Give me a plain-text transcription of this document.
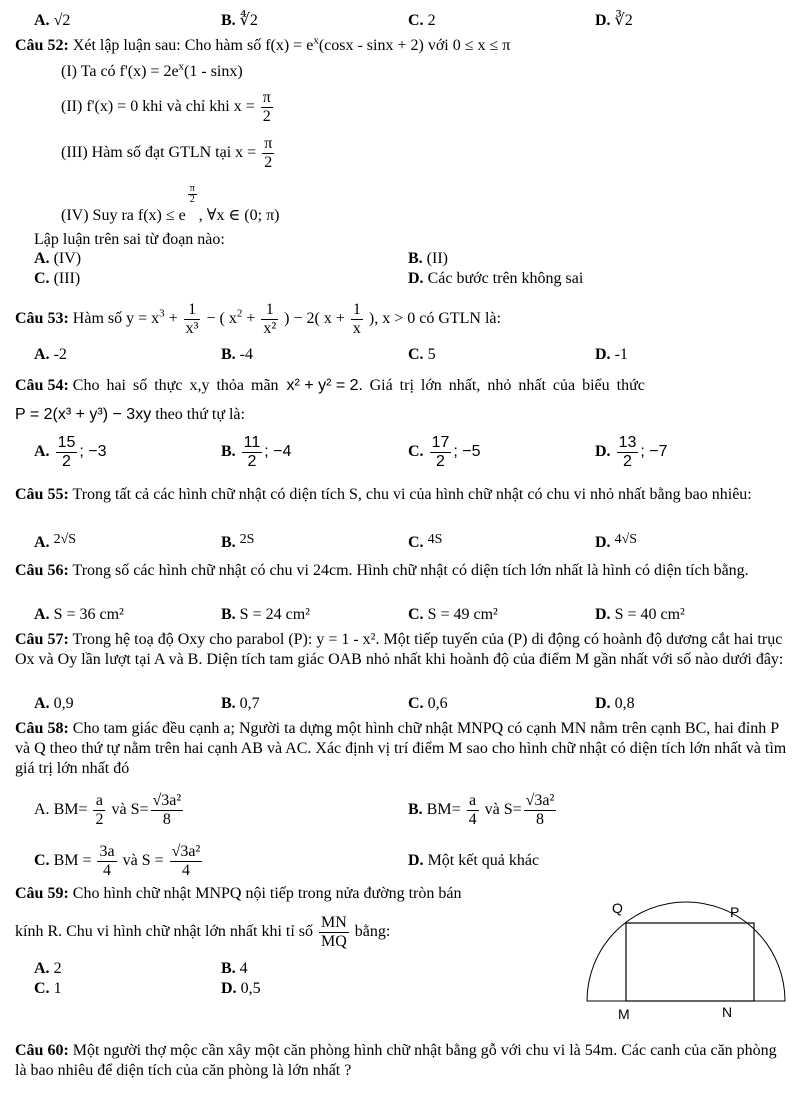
A. √2	B. ∜2	C. 2	D. ∛2
Câu 52: Xét lập luận sau: Cho hàm số $f(x) = e^x(\cos x - \sin x + 2)$ với 0 ≤ x ≤ π
(I) Ta có $f'(x) = 2e^x(1 - \sin x)$
(II) f'(x) = 0 khi và chỉ khi $x = \frac{\pi}{2}$
(III) Hàm số đạt GTLN tại $x = \frac{\pi}{2}$
(IV) Suy ra f(x) ≤ e
$\frac{\pi}{2}$
, ∀x ∈ (0; π)
Lập luận trên sai từ đoạn nào:
A. (IV)	B. (II)
C. (III)	D. Các bước trên không sai
Câu 53: Hàm số $y = x^3 + \frac{1}{\text{x³}}$ − ( $x^2 + \frac{1}{\text{x²}}$ ) − 2( $x + \frac{1}{x}$ ), x > 0 có GTLN là:
A. -2	B. -4	C. 5	D. -1
Câu 54: Cho hai số thực x,y thỏa mãn x² + y² = 2. Giá trị lớn nhất, nhỏ nhất của biểu thức
P = 2(x³ + y³) − 3xy theo thứ tự là:
A. $\frac{15}{2}$ ; −3	B. $\frac{11}{2}$ ; −4	C. $\frac{17}{2}$ ; −5	D. $\frac{13}{2}$ ; −7
Câu 55: Trong tất cả các hình chữ nhật có diện tích S, chu vi của hình chữ nhật có chu vi nhỏ nhất bằng bao nhiêu:
A. 2√S	B. 2S	C. 4S	D. 4√S
Câu 56: Trong số các hình chữ nhật có chu vi 24cm. Hình chữ nhật có diện tích lớn nhất là hình có diện tích bằng.
A. S = 36 cm²	B. S = 24 cm²	C. S = 49 cm²	D. S = 40 cm²
Câu 57: Trong hệ toạ độ Oxy cho parabol (P): y = 1 - x². Một tiếp tuyến của (P) di động có hoành độ dương cắt hai trục Ox và Oy lần lượt tại A và B. Diện tích tam giác OAB nhỏ nhất khi hoành độ của điểm M gần nhất với số nào dưới đây:
A. 0,9	B. 0,7	C. 0,6	D. 0,8
Câu 58: Cho tam giác đều cạnh a; Người ta dựng một hình chữ nhật MNPQ có cạnh MN nằm trên cạnh BC, hai đỉnh P và Q theo thứ tự nằm trên hai cạnh AB và AC. Xác định vị trí điểm M sao cho hình chữ nhật có diện tích lớn nhất và tìm giá trị lớn nhất đó
A. $BM= \frac{a}{2}$ và $S= \frac{\text{√3a²}}{8}$	B. $BM= \frac{a}{4}$ và $S= \frac{\text{√3a²}}{8}$
C. BM = $\frac{3a}{4}$ và $S = \frac{\text{√3a²}}{4}$	D. Một kết quả khác
Câu 59: Cho hình chữ nhật MNPQ nội tiếp trong nửa đường tròn bán
kính R. Chu vi hình chữ nhật lớn nhất khi tỉ số $\frac{MN}{MQ}$ bằng:
A. 2	B. 4
C. 1	D. 0,5
Q	P
M	N
Câu 60: Một người thợ mộc cần xây một căn phòng hình chữ nhật bằng gỗ với chu vi là 54m. Các canh của căn phòng là bao nhiêu để diện tích của căn phòng là lớn nhất ?
